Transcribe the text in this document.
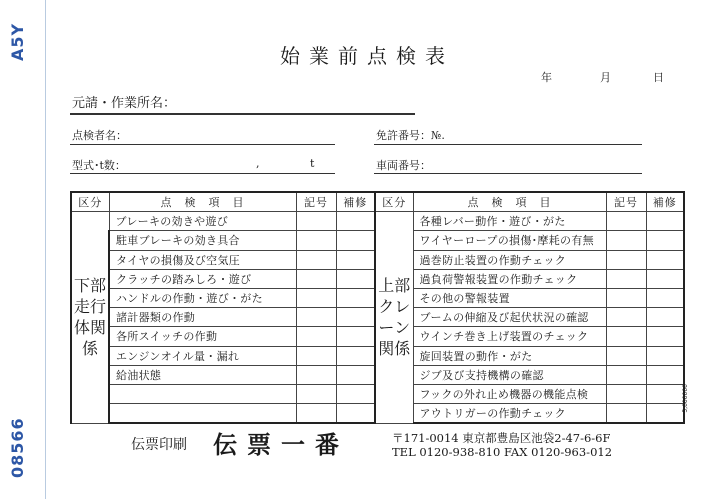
A5Y
08566
始業前点検表
年	月	日
元請・作業所名：
点検者名：	免許番号：№.
型式･t数：	,	t	車両番号：
区分	点　検　項　目	記号	補修	区分	点　検　項　目	記号	補修
下部走行体関係	ブレーキの効きや遊び			上部クレーン関係	各種レバー動作・遊び・がた		
	駐車ブレーキの効き具合				ワイヤーロープの損傷･摩耗の有無		
	タイヤの損傷及び空気圧				過巻防止装置の作動チェック		
	クラッチの踏みしろ・遊び				過負荷警報装置の作動チェック		
	ハンドルの作動・遊び・がた				その他の警報装置		
	諸計器類の作動				ブームの伸縮及び起伏状況の確認		
	各所スイッチの作動				ウインチ巻き上げ装置のチェック		
	エンジンオイル量・漏れ				旋回装置の動作・がた		
	給油状態				ジブ及び支持機構の確認		
					フックの外れ止め機器の機能点検		
					アウトリガーの作動チェック		
5,000000
伝票印刷 伝票一番	〒171-0014 東京都豊島区池袋2-47-6-6F
TEL 0120-938-810 FAX 0120-963-012
